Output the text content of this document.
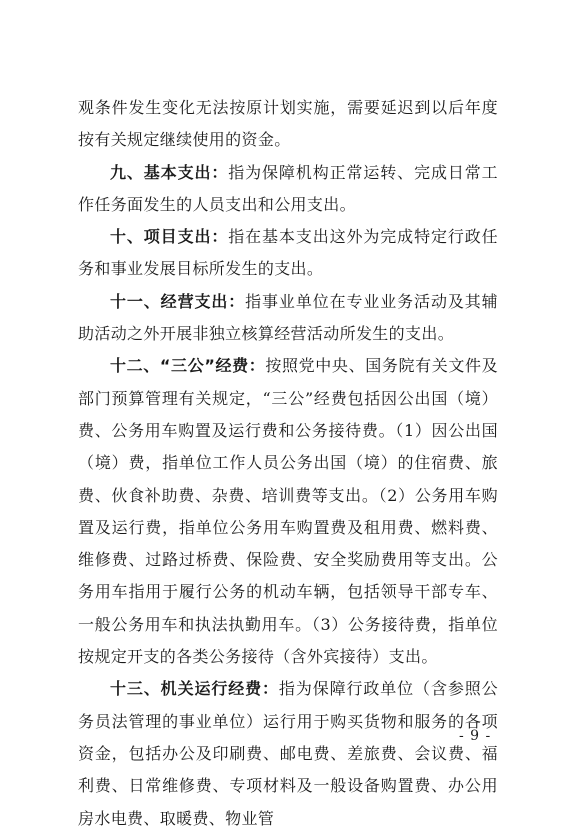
观条件发生变化无法按原计划实施，需要延迟到以后年度按有关规定继续使用的资金。

九、基本支出：指为保障机构正常运转、完成日常工作任务面发生的人员支出和公用支出。

十、项目支出：指在基本支出这外为完成特定行政任务和事业发展目标所发生的支出。

十一、经营支出：指事业单位在专业业务活动及其辅助活动之外开展非独立核算经营活动所发生的支出。

十二、“三公”经费：按照党中央、国务院有关文件及部门预算管理有关规定，“三公”经费包括因公出国（境）费、公务用车购置及运行费和公务接待费。（1）因公出国（境）费，指单位工作人员公务出国（境）的住宿费、旅费、伙食补助费、杂费、培训费等支出。（2）公务用车购置及运行费，指单位公务用车购置费及租用费、燃料费、维修费、过路过桥费、保险费、安全奖励费用等支出。公务用车指用于履行公务的机动车辆，包括领导干部专车、一般公务用车和执法执勤用车。（3）公务接待费，指单位按规定开支的各类公务接待（含外宾接待）支出。

十三、机关运行经费：指为保障行政单位（含参照公务员法管理的事业单位）运行用于购买货物和服务的各项资金，包括办公及印刷费、邮电费、差旅费、会议费、福利费、日常维修费、专项材料及一般设备购置费、办公用房水电费、取暖费、物业管

- 9 -
